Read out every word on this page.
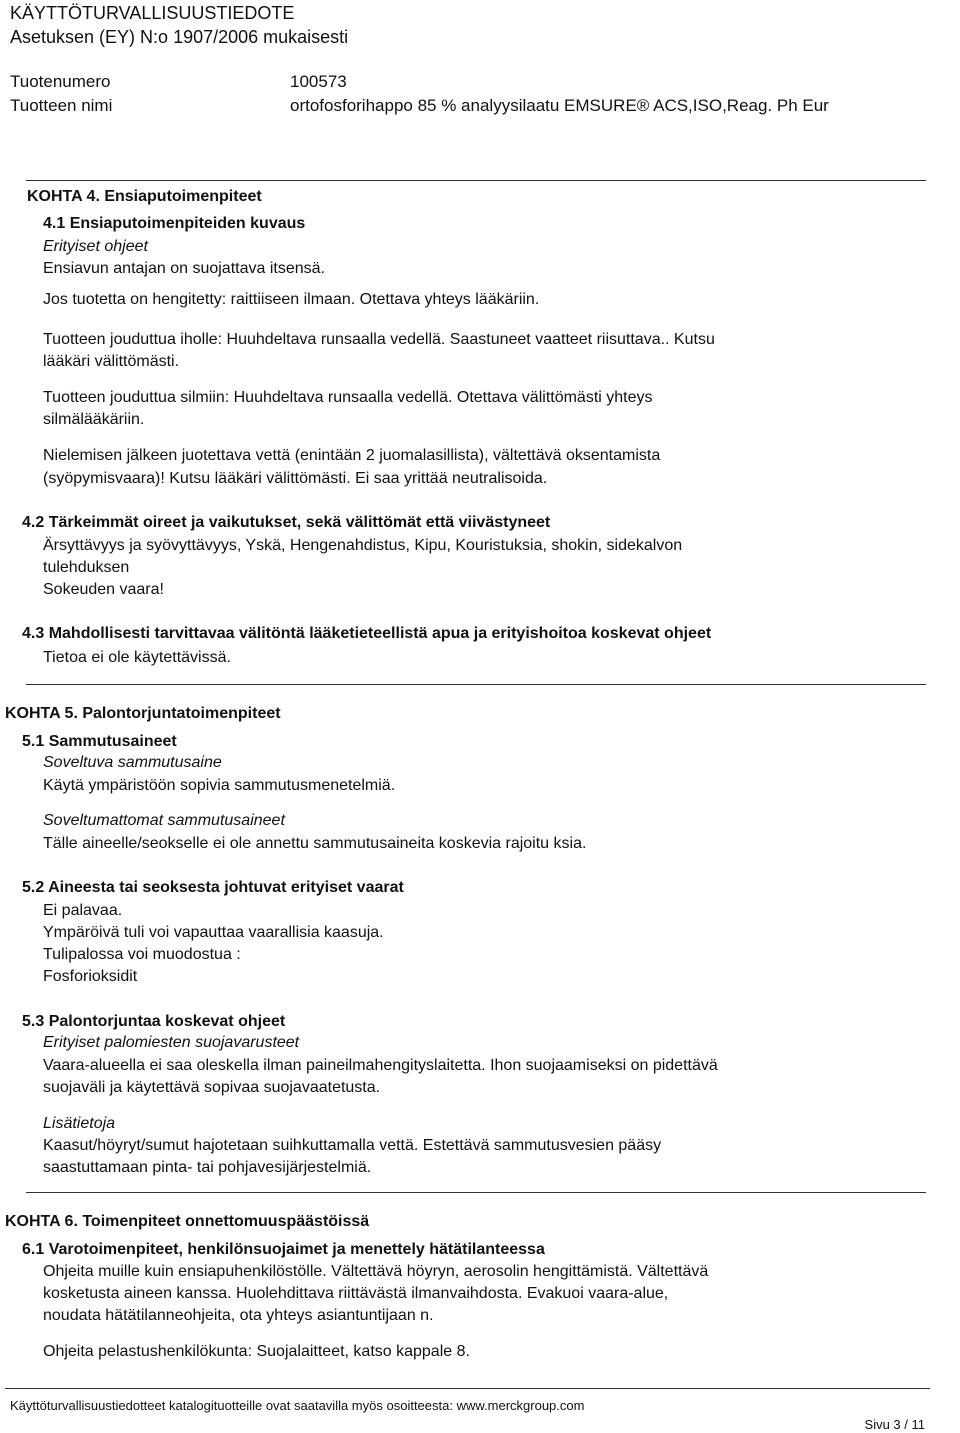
KÄYTTÖTURVALLISUUSTIEDOTE
Asetuksen (EY) N:o 1907/2006 mukaisesti
Tuotenumero	100573
Tuotteen nimi	ortofosforihappo 85 % analyysilaatu EMSURE® ACS,ISO,Reag. Ph Eur
KOHTA 4. Ensiaputoimenpiteet
4.1 Ensiaputoimenpiteiden kuvaus
Erityiset ohjeet
Ensiavun antajan on suojattava itsensä.
Jos tuotetta on hengitetty: raittiiseen ilmaan. Otettava yhteys lääkäriin.
Tuotteen jouduttua iholle: Huuhdeltava runsaalla vedellä. Saastuneet vaatteet riisuttava.. Kutsu
lääkäri välittömästi.
Tuotteen jouduttua silmiin: Huuhdeltava runsaalla vedellä. Otettava välittömästi yhteys
silmälääkäriin.
Nielemisen jälkeen juotettava vettä (enintään 2 juomalasillista), vältettävä oksentamista
(syöpymisvaara)! Kutsu lääkäri välittömästi. Ei saa yrittää neutralisoida.
4.2 Tärkeimmät oireet ja vaikutukset, sekä välittömät että viivästyneet
Ärsyttävyys ja syövyttävyys, Yskä, Hengenahdistus, Kipu, Kouristuksia, shokin, sidekalvon
tulehduksen
Sokeuden vaara!
4.3 Mahdollisesti tarvittavaa välitöntä lääketieteellistä apua ja erityishoitoa koskevat ohjeet
Tietoa ei ole käytettävissä.
KOHTA 5. Palontorjuntatoimenpiteet
5.1 Sammutusaineet
Soveltuva sammutusaine
Käytä ympäristöön sopivia sammutusmenetelmiä.
Soveltumattomat sammutusaineet
Tälle aineelle/seokselle ei ole annettu sammutusaineita koskevia rajoitu ksia.
5.2 Aineesta tai seoksesta johtuvat erityiset vaarat
Ei palavaa.
Ympäröivä tuli voi vapauttaa vaarallisia kaasuja.
Tulipalossa voi muodostua :
Fosforioksidit
5.3 Palontorjuntaa koskevat ohjeet
Erityiset palomiesten suojavarusteet
Vaara-alueella ei saa oleskella ilman paineilmahengityslaitetta. Ihon suojaamiseksi on pidettävä
suojaväli ja käytettävä sopivaa suojavaatetusta.
Lisätietoja
Kaasut/höyryt/sumut hajotetaan suihkuttamalla vettä. Estettävä sammutusvesien pääsy
saastuttamaan pinta- tai pohjavesijärjestelmiä.
KOHTA 6. Toimenpiteet onnettomuuspäästöissä
6.1 Varotoimenpiteet, henkilönsuojaimet ja menettely hätätilanteessa
Ohjeita muille kuin ensiapuhenkilöstölle. Vältettävä höyryn, aerosolin hengittämistä. Vältettävä
kosketusta aineen kanssa. Huolehdittava riittävästä ilmanvaihdosta. Evakuoi vaara-alue,
noudata hätätilanneohjeita, ota yhteys asiantuntijaan n.
Ohjeita pelastushenkilökunta: Suojalaitteet, katso kappale 8.
Käyttöturvallisuustiedotteet katalogituotteille ovat saatavilla myös osoitteesta: www.merckgroup.com
Sivu 3 / 11
